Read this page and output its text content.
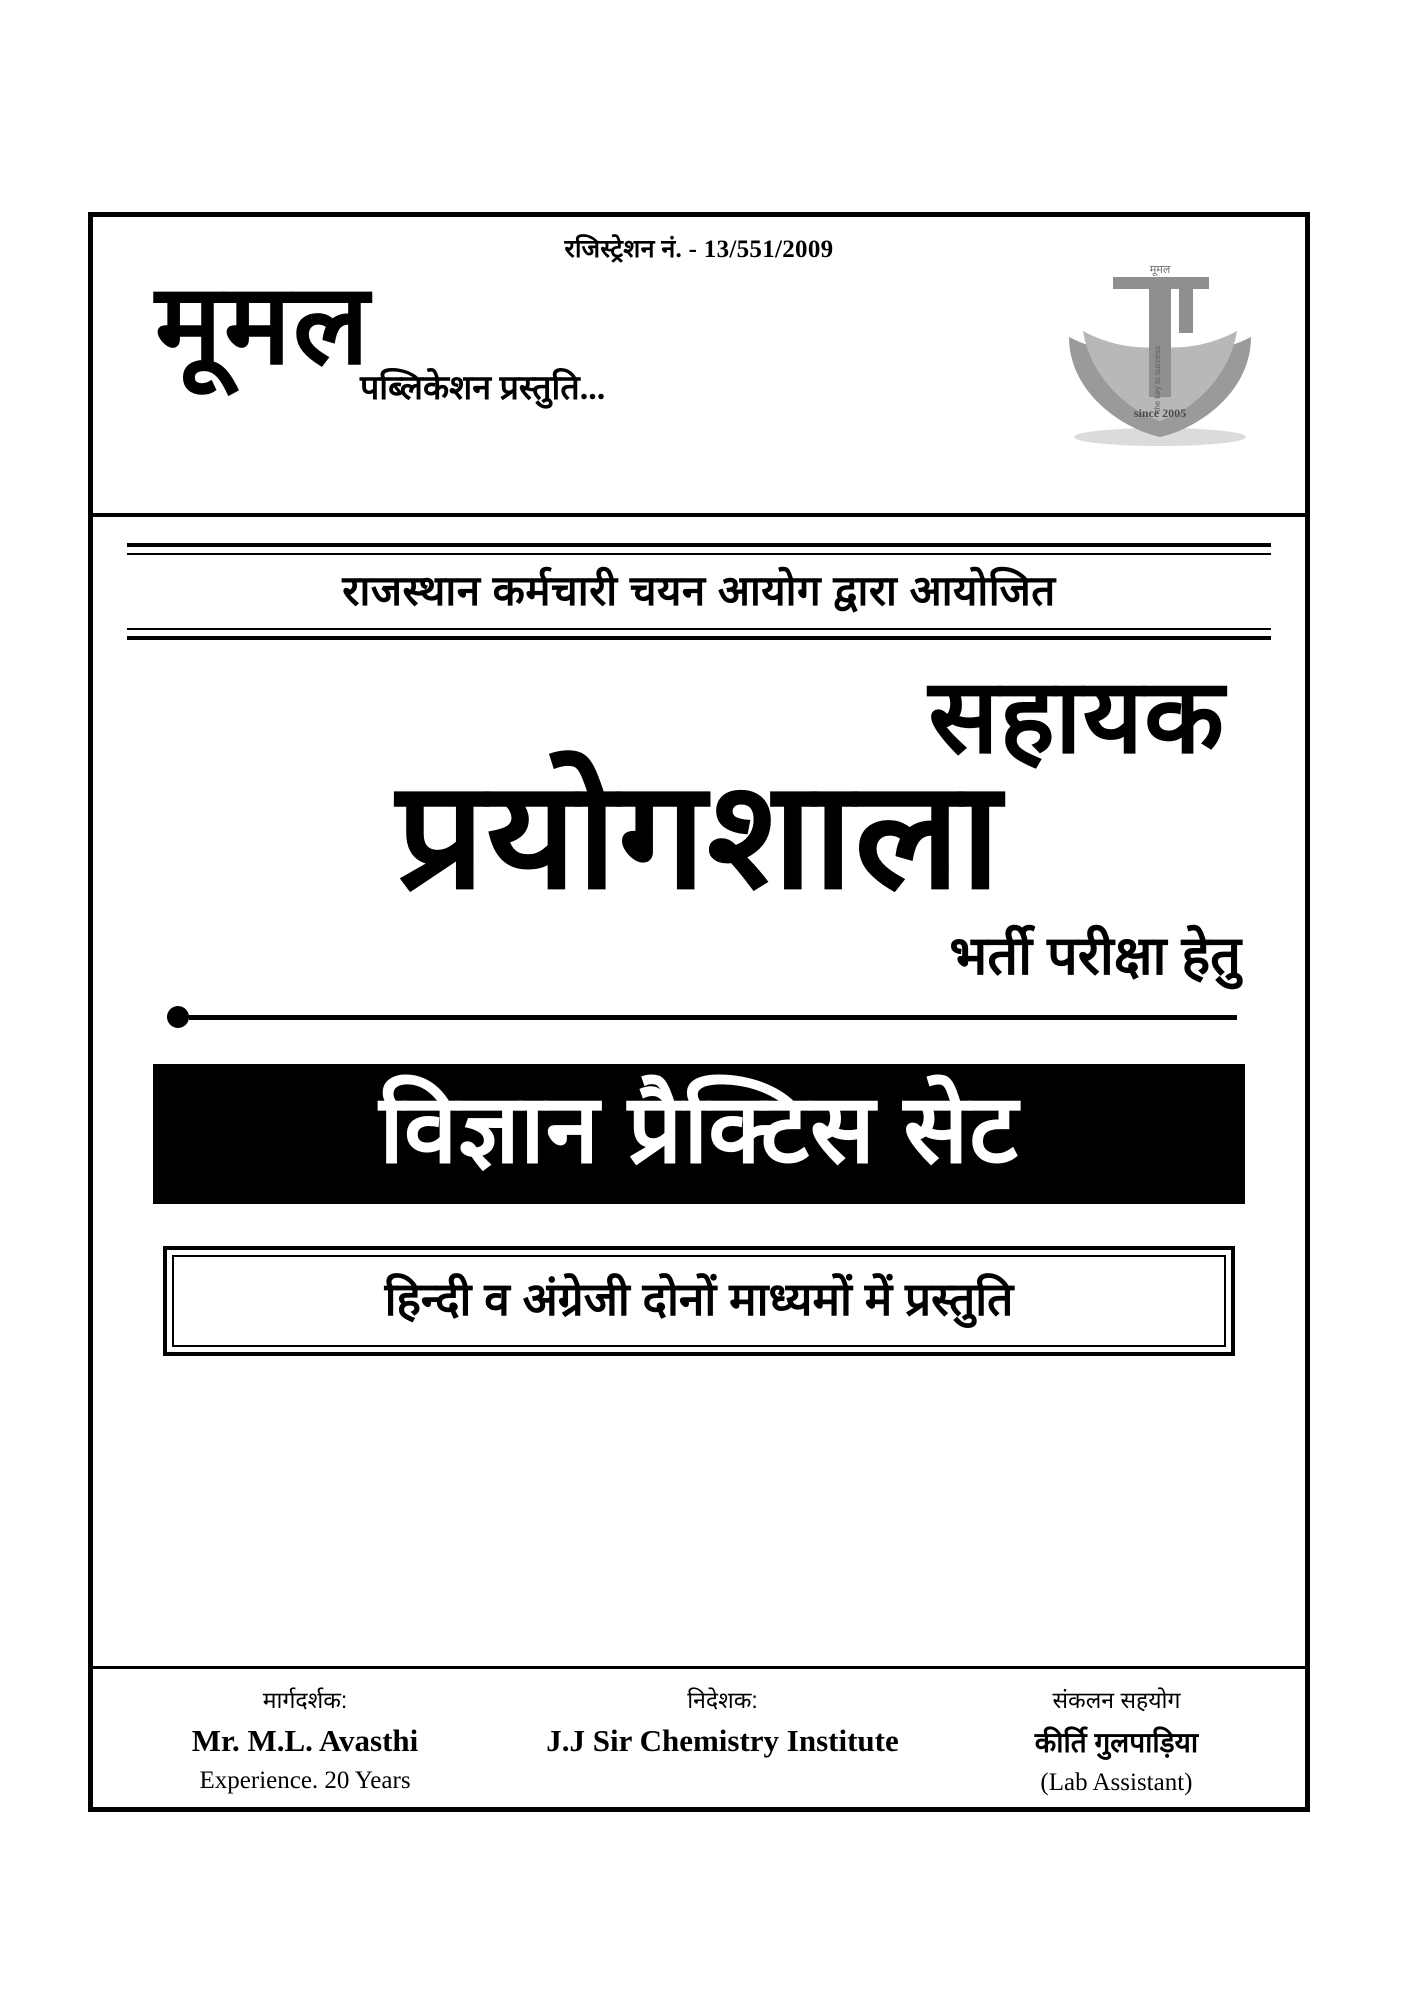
रजिस्ट्रेशन नं. - 13/551/2009
मूमल
पब्लिकेशन प्रस्तुति...
मूमल
the key to success
since 2005
राजस्थान कर्मचारी चयन आयोग द्वारा आयोजित
सहायक
प्रयोगशाला
भर्ती परीक्षा हेतु
विज्ञान प्रैक्टिस सेट
हिन्दी व अंग्रेजी दोनों माध्यमों में प्रस्तुति
मार्गदर्शक:
Mr. M.L. Avasthi
Experience. 20 Years
निदेशक:
J.J Sir Chemistry Institute
संकलन सहयोग
कीर्ति गुलपाड़िया
(Lab Assistant)
